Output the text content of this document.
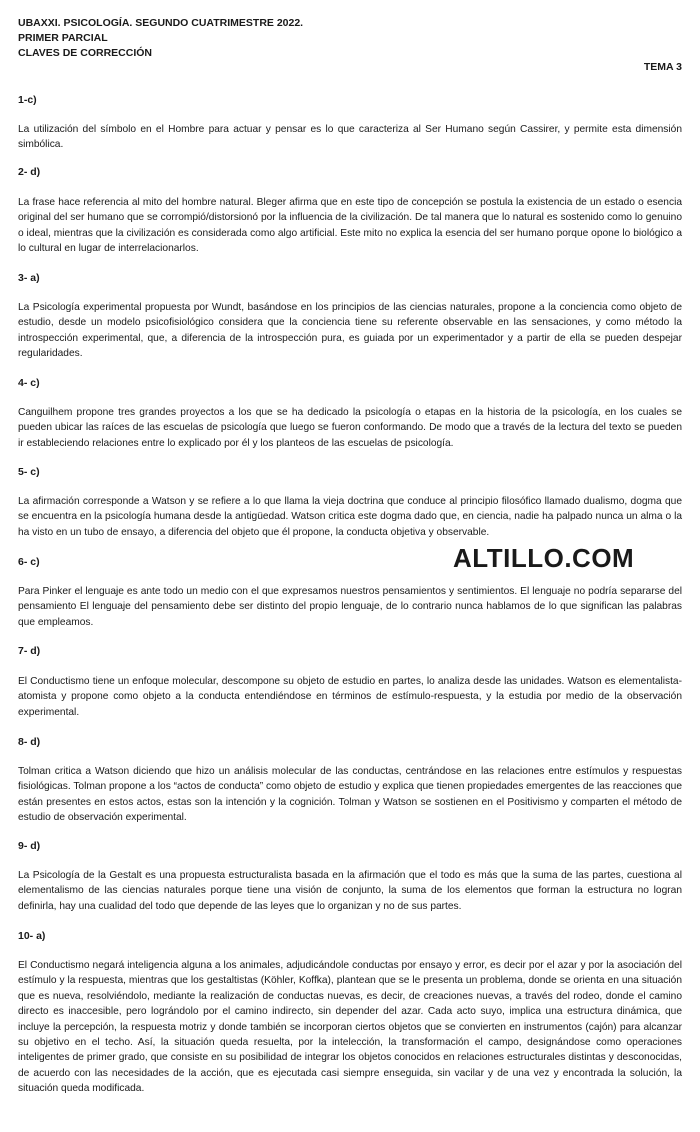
UBAXXI. PSICOLOGÍA. SEGUNDO CUATRIMESTRE 2022.
PRIMER PARCIAL
CLAVES DE CORRECCIÓN
TEMA 3
1-c)
La utilización del símbolo en el Hombre para actuar y pensar es lo que caracteriza al Ser Humano según Cassirer, y permite esta dimensión simbólica.
2- d)
La frase hace referencia al mito del hombre natural. Bleger afirma que en este tipo de concepción se postula la existencia de un estado o esencia original del ser humano que se corrompió/distorsionó por la influencia de la civilización. De tal manera que lo natural es sostenido como lo genuino o ideal, mientras que la civilización es considerada como algo artificial. Este mito no explica la esencia del ser humano porque opone lo biológico a lo cultural en lugar de interrelacionarlos.
3- a)
La Psicología experimental propuesta por Wundt, basándose en los principios de las ciencias naturales, propone a la conciencia como objeto de estudio, desde un modelo psicofisiológico considera que la conciencia tiene su referente observable en las sensaciones, y como método la introspección experimental, que, a diferencia de la introspección pura, es guiada por un experimentador y a partir de ella se pueden despejar regularidades.
4- c)
Canguilhem propone tres grandes proyectos a los que se ha dedicado la psicología o etapas en la historia de la psicología, en los cuales se pueden ubicar las raíces de las escuelas de psicología que luego se fueron conformando. De modo que a través de la lectura del texto se pueden ir estableciendo relaciones entre lo explicado por él y los planteos de las escuelas de psicología.
5- c)
La afirmación corresponde a Watson y se refiere a lo que llama la vieja doctrina que conduce al principio filosófico llamado dualismo, dogma que se encuentra en la psicología humana desde la antigüedad. Watson critica este dogma dado que, en ciencia, nadie ha palpado nunca un alma o la ha visto en un tubo de ensayo, a diferencia del objeto que él propone, la conducta objetiva y observable.
6- c)
Para Pinker el lenguaje es ante todo un medio con el que expresamos nuestros pensamientos y sentimientos. El lenguaje no podría separarse del pensamiento El lenguaje del pensamiento debe ser distinto del propio lenguaje, de lo contrario nunca hablamos de lo que significan las palabras que empleamos.
7- d)
El Conductismo tiene un enfoque molecular, descompone su objeto de estudio en partes, lo analiza desde las unidades. Watson es elementalista-atomista y propone como objeto a la conducta entendiéndose en términos de estímulo-respuesta, y la estudia por medio de la observación experimental.
8- d)
Tolman critica a Watson diciendo que hizo un análisis molecular de las conductas, centrándose en las relaciones entre estímulos y respuestas fisiológicas. Tolman propone a los “actos de conducta” como objeto de estudio y explica que tienen propiedades emergentes de las reacciones que están presentes en estos actos, estas son la intención y la cognición. Tolman y Watson se sostienen en el Positivismo y comparten el método de estudio de observación experimental.
9- d)
La Psicología de la Gestalt es una propuesta estructuralista basada en la afirmación que el todo es más que la suma de las partes, cuestiona al elementalismo de las ciencias naturales porque tiene una visión de conjunto, la suma de los elementos que forman la estructura no logran definirla, hay una cualidad del todo que depende de las leyes que lo organizan y no de sus partes.
10- a)
El Conductismo negará inteligencia alguna a los animales, adjudicándole conductas por ensayo y error, es decir por el azar y por la asociación del estímulo y la respuesta, mientras que los gestaltistas (Köhler, Koffka), plantean que se le presenta un problema, donde se orienta en una situación que es nueva, resolviéndolo, mediante la realización de conductas nuevas, es decir, de creaciones nuevas, a través del rodeo, donde el camino directo es inaccesible, pero lográndolo por el camino indirecto, sin depender del azar. Cada acto suyo, implica una estructura dinámica, que incluye la percepción, la respuesta motriz y donde también se incorporan ciertos objetos que se convierten en instrumentos (cajón) para alcanzar su objetivo en el techo. Así, la situación queda resuelta, por la intelección, la transformación el campo, designándose como operaciones inteligentes de primer grado, que consiste en su posibilidad de integrar los objetos conocidos en relaciones estructurales distintas y desconocidas, de acuerdo con las necesidades de la acción, que es ejecutada casi siempre enseguida, sin vacilar y de una vez y encontrada la solución, la situación queda modificada.
ALTILLO.COM
